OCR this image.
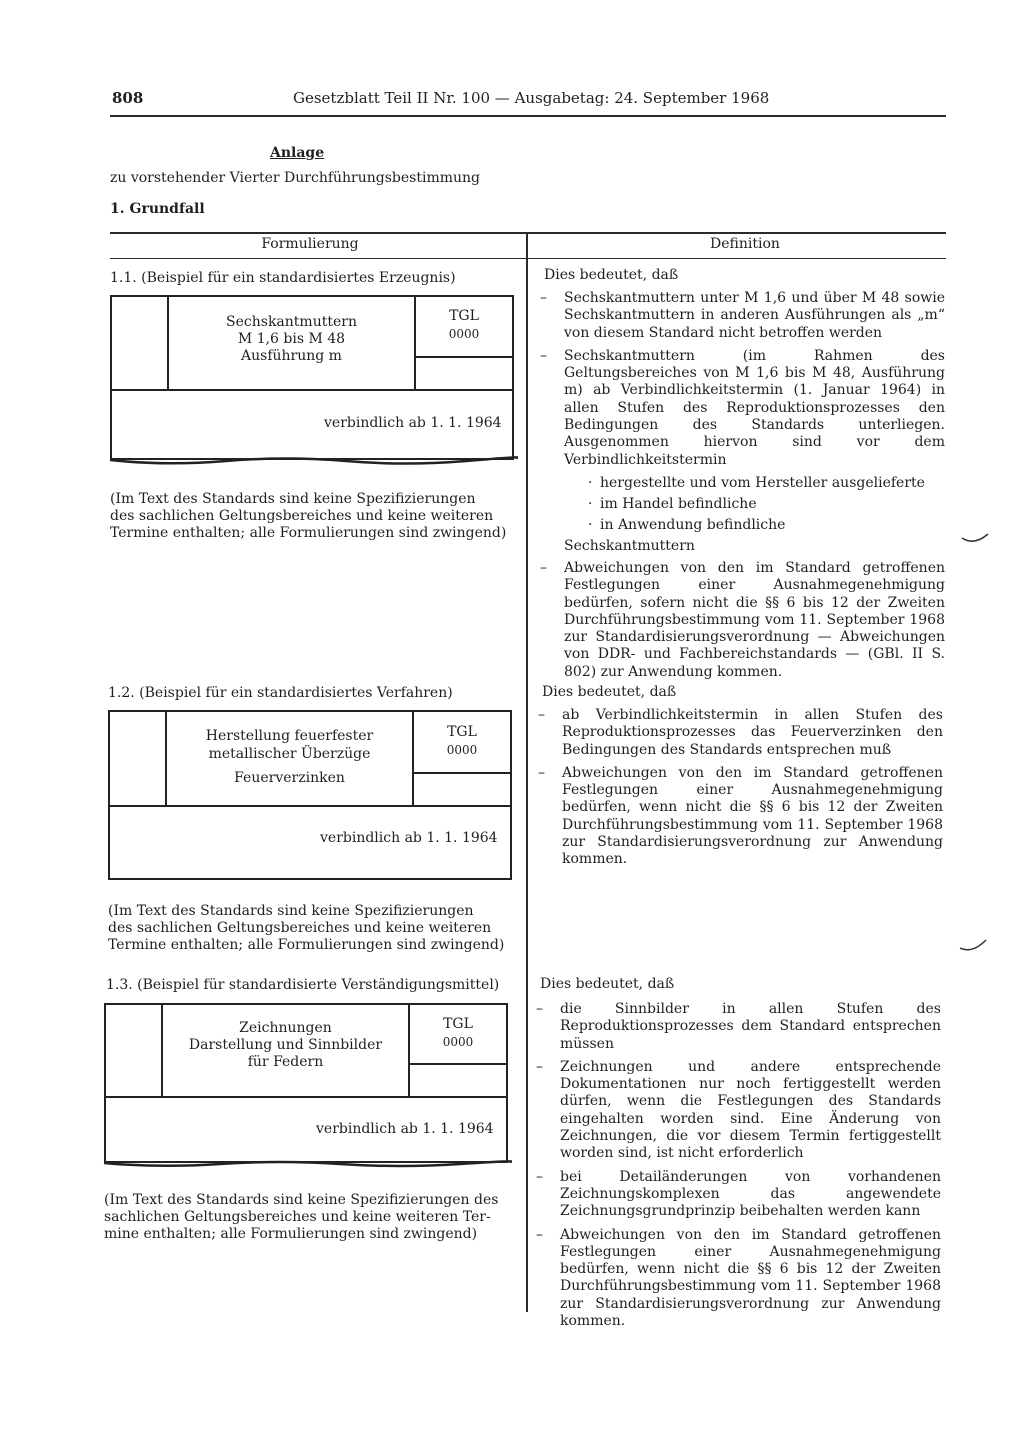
808	Gesetzblatt Teil II Nr. 100 — Ausgabetag: 24. September 1968
Anlage
zu vorstehender Vierter Durchführungsbestimmung
1. Grundfall
Formulierung	Definition
1.1. (Beispiel für ein standardisiertes Erzeugnis)
Sechskantmuttern
M 1,6 bis M 48
Ausführung m
TGL
0000
verbindlich ab 1. 1. 1964
(Im Text des Standards sind keine Spezifizierungen
des sachlichen Geltungsbereiches und keine weiteren
Termine enthalten; alle Formulierungen sind zwingend)
1.2. (Beispiel für ein standardisiertes Verfahren)
Herstellung feuerfester
metallischer Überzüge
Feuerverzinken
TGL
0000
verbindlich ab 1. 1. 1964
(Im Text des Standards sind keine Spezifizierungen
des sachlichen Geltungsbereiches und keine weiteren
Termine enthalten; alle Formulierungen sind zwingend)
1.3. (Beispiel für standardisierte Verständigungsmittel)
Zeichnungen
Darstellung und Sinnbilder
für Federn
TGL
0000
verbindlich ab 1. 1. 1964
(Im Text des Standards sind keine Spezifizierungen des
sachlichen Geltungsbereiches und keine weiteren Ter-
mine enthalten; alle Formulierungen sind zwingend)
Dies bedeutet, daß
– Sechskantmuttern unter M 1,6 und über M 48 sowie Sechskantmuttern in anderen Ausführungen als „m“ von diesem Standard nicht betroffen werden
– Sechskantmuttern (im Rahmen des Geltungsbereiches von M 1,6 bis M 48, Ausführung m) ab Verbindlichkeitstermin (1. Januar 1964) in allen Stufen des Reproduktionsprozesses den Bedingungen des Standards unterliegen. Ausgenommen hiervon sind vor dem Verbindlichkeitstermin
· hergestellte und vom Hersteller ausgelieferte
· im Handel befindliche
· in Anwendung befindliche
Sechskantmuttern
– Abweichungen von den im Standard getroffenen Festlegungen einer Ausnahmegenehmigung bedürfen, sofern nicht die §§ 6 bis 12 der Zweiten Durchführungsbestimmung vom 11. September 1968 zur Standardisierungsverordnung — Abweichungen von DDR- und Fachbereichstandards — (GBl. II S. 802) zur Anwendung kommen.
Dies bedeutet, daß
– ab Verbindlichkeitstermin in allen Stufen des Reproduktionsprozesses das Feuerverzinken den Bedingungen des Standards entsprechen muß
– Abweichungen von den im Standard getroffenen Festlegungen einer Ausnahmegenehmigung bedürfen, wenn nicht die §§ 6 bis 12 der Zweiten Durchführungsbestimmung vom 11. September 1968 zur Standardisierungsverordnung zur Anwendung kommen.
Dies bedeutet, daß
– die Sinnbilder in allen Stufen des Reproduktionsprozesses dem Standard entsprechen müssen
– Zeichnungen und andere entsprechende Dokumentationen nur noch fertiggestellt werden dürfen, wenn die Festlegungen des Standards eingehalten worden sind. Eine Änderung von Zeichnungen, die vor diesem Termin fertiggestellt worden sind, ist nicht erforderlich
– bei Detailänderungen von vorhandenen Zeichnungskomplexen das angewendete Zeichnungsgrundprinzip beibehalten werden kann
– Abweichungen von den im Standard getroffenen Festlegungen einer Ausnahmegenehmigung bedürfen, wenn nicht die §§ 6 bis 12 der Zweiten Durchführungsbestimmung vom 11. September 1968 zur Standardisierungsverordnung zur Anwendung kommen.
